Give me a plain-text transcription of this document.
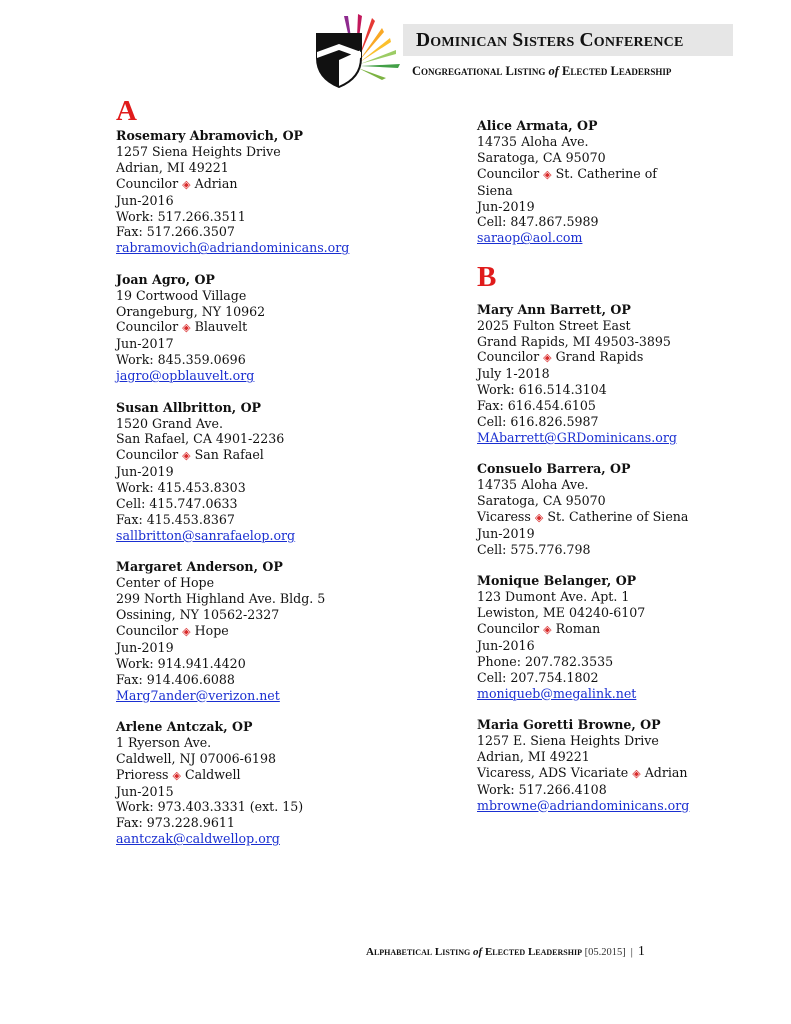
Dominican Sisters Conference
Congregational Listing of Elected Leadership
A
Rosemary Abramovich, OP
1257 Siena Heights Drive
Adrian, MI 49221
Councilor ◈ Adrian
Jun-2016
Work: 517.266.3511
Fax: 517.266.3507
rabramovich@adriandominicans.org
Joan Agro, OP
19 Cortwood Village
Orangeburg, NY 10962
Councilor ◈ Blauvelt
Jun-2017
Work: 845.359.0696
jagro@opblauvelt.org
Susan Allbritton, OP
1520 Grand Ave.
San Rafael, CA 4901-2236
Councilor ◈ San Rafael
Jun-2019
Work: 415.453.8303
Cell: 415.747.0633
Fax: 415.453.8367
sallbritton@sanrafaelop.org
Margaret Anderson, OP
Center of Hope
299 North Highland Ave. Bldg. 5
Ossining, NY 10562-2327
Councilor ◈ Hope
Jun-2019
Work: 914.941.4420
Fax: 914.406.6088
Marg7ander@verizon.net
Arlene Antczak, OP
1 Ryerson Ave.
Caldwell, NJ 07006-6198
Prioress ◈ Caldwell
Jun-2015
Work: 973.403.3331 (ext. 15)
Fax: 973.228.9611
aantczak@caldwellop.org
Alice Armata, OP
14735 Aloha Ave.
Saratoga, CA 95070
Councilor ◈ St. Catherine of
Siena
Jun-2019
Cell: 847.867.5989
saraop@aol.com
B
Mary Ann Barrett, OP
2025 Fulton Street East
Grand Rapids, MI 49503-3895
Councilor ◈ Grand Rapids
July 1-2018
Work: 616.514.3104
Fax: 616.454.6105
Cell: 616.826.5987
MAbarrett@GRDominicans.org
Consuelo Barrera, OP
14735 Aloha Ave.
Saratoga, CA 95070
Vicaress ◈ St. Catherine of Siena
Jun-2019
Cell: 575.776.798
Monique Belanger, OP
123 Dumont Ave. Apt. 1
Lewiston, ME 04240-6107
Councilor ◈ Roman
Jun-2016
Phone: 207.782.3535
Cell: 207.754.1802
moniqueb@megalink.net
Maria Goretti Browne, OP
1257 E. Siena Heights Drive
Adrian, MI 49221
Vicaress, ADS Vicariate ◈ Adrian
Work: 517.266.4108
mbrowne@adriandominicans.org
Alphabetical Listing of Elected Leadership [05.2015] | 1
